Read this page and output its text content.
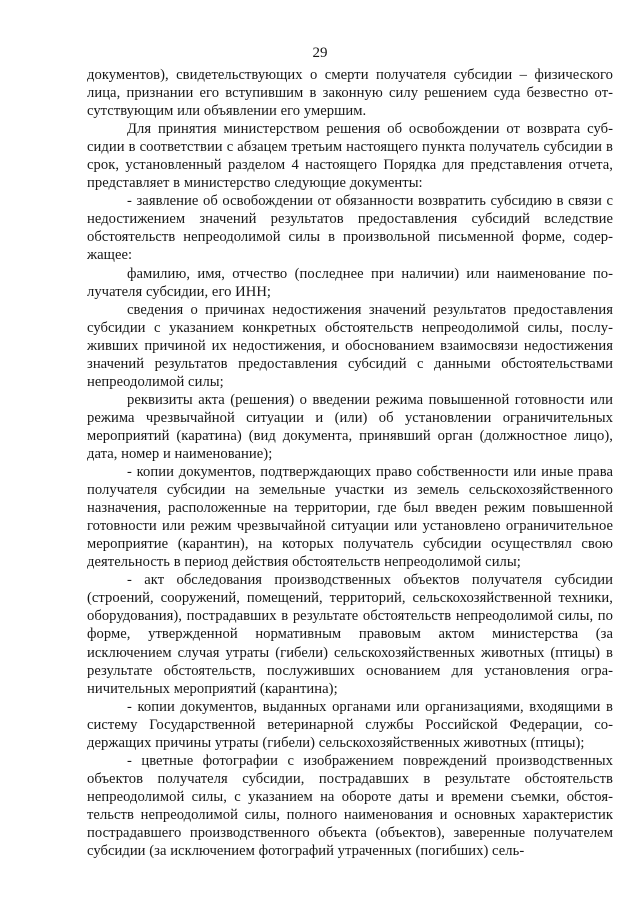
29

документов), свидетельствующих о смерти получателя субсидии – физического лица, признании его вступившим в законную силу решением суда безвестно отсутствующим или объявлении его умершим.

Для принятия министерством решения об освобождении от возврата субсидии в соответствии с абзацем третьим настоящего пункта получатель субсидии в срок, установленный разделом 4 настоящего Порядка для представления отчета, представляет в министерство следующие документы:

- заявление об освобождении от обязанности возвратить субсидию в связи с недостижением значений результатов предоставления субсидий вследствие обстоятельств непреодолимой силы в произвольной письменной форме, содержащее:

фамилию, имя, отчество (последнее при наличии) или наименование получателя субсидии, его ИНН;

сведения о причинах недостижения значений результатов предоставления субсидии с указанием конкретных обстоятельств непреодолимой силы, послуживших причиной их недостижения, и обоснованием взаимосвязи недостижения значений результатов предоставления субсидий с данными обстоятельствами непреодолимой силы;

реквизиты акта (решения) о введении режима повышенной готовности или режима чрезвычайной ситуации и (или) об установлении ограничительных мероприятий (каратина) (вид документа, принявший орган (должностное лицо), дата, номер и наименование);

- копии документов, подтверждающих право собственности или иные права получателя субсидии на земельные участки из земель сельскохозяйственного назначения, расположенные на территории, где был введен режим повышенной готовности или режим чрезвычайной ситуации или установлено ограничительное мероприятие (карантин), на которых получатель субсидии осуществлял свою деятельность в период действия обстоятельств непреодолимой силы;

- акт обследования производственных объектов получателя субсидии (строений, сооружений, помещений, территорий, сельскохозяйственной техники, оборудования), пострадавших в результате обстоятельств непреодолимой силы, по форме, утвержденной нормативным правовым актом министерства (за исключением случая утраты (гибели) сельскохозяйственных животных (птицы) в результате обстоятельств, послуживших основанием для установления ограничительных мероприятий (карантина);

- копии документов, выданных органами или организациями, входящими в систему Государственной ветеринарной службы Российской Федерации, содержащих причины утраты (гибели) сельскохозяйственных животных (птицы);

- цветные фотографии с изображением повреждений производственных объектов получателя субсидии, пострадавших в результате обстоятельств непреодолимой силы, с указанием на обороте даты и времени съемки, обстоятельств непреодолимой силы, полного наименования и основных характеристик пострадавшего производственного объекта (объектов), заверенные получателем субсидии (за исключением фотографий утраченных (погибших) сель-
